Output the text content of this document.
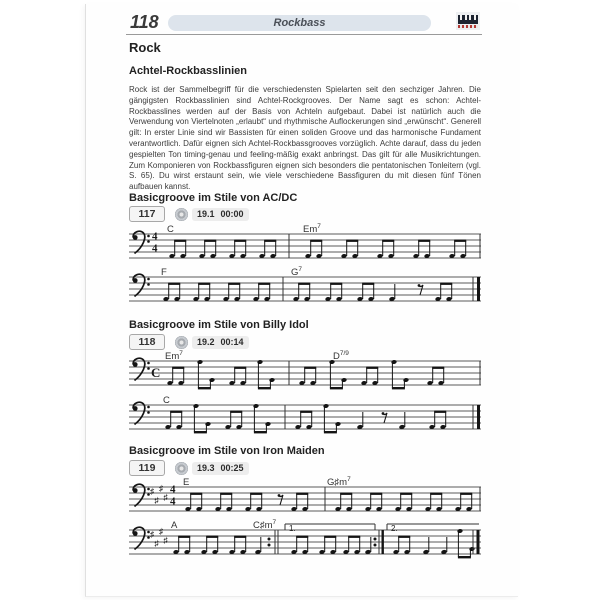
118	Rockbass
Rock
Achtel-Rockbasslinien
Rock ist der Sammelbegriff für die verschiedensten Spielarten seit den sechziger Jahren. Die gängigsten Rockbasslinien sind Achtel-Rockgrooves. Der Name sagt es schon: Achtel-Rockbasslines werden auf der Basis von Achteln aufgebaut. Dabei ist natürlich auch die Verwendung von Viertelnoten „erlaubt“ und rhythmische Auflockerungen sind „erwünscht“. Generell gilt: In erster Linie sind wir Bassisten für einen soliden Groove und das harmonische Fundament verantwortlich. Dafür eignen sich Achtel-Rockbassgrooves vorzüglich. Achte darauf, dass du jeden gespielten Ton timing-genau und feeling-mäßig exakt anbringst. Das gilt für alle Musikrichtungen. Zum Komponieren von Rockbassfiguren eignen sich besonders die pentatonischen Tonleitern (vgl. S. 65). Du wirst erstaunt sein, wie viele verschiedene Bassfiguren du mit diesen fünf Tönen aufbauen kannst.
Basicgroove im Stile von AC/DC
117	19.1 00:00
4
4
C	Em$^7$
F	$G^7$
Basicgroove im Stile von Billy Idol
118	19.2 00:14
C
Em$^7$	$D^{7/9}$
C
Basicgroove im Stile von Iron Maiden
119	19.3 00:25
♯
♯
♯
♯
4
4
E	$G♯m^7$
♯
♯
♯
♯
1.	2.
A	$C♯m^7$
